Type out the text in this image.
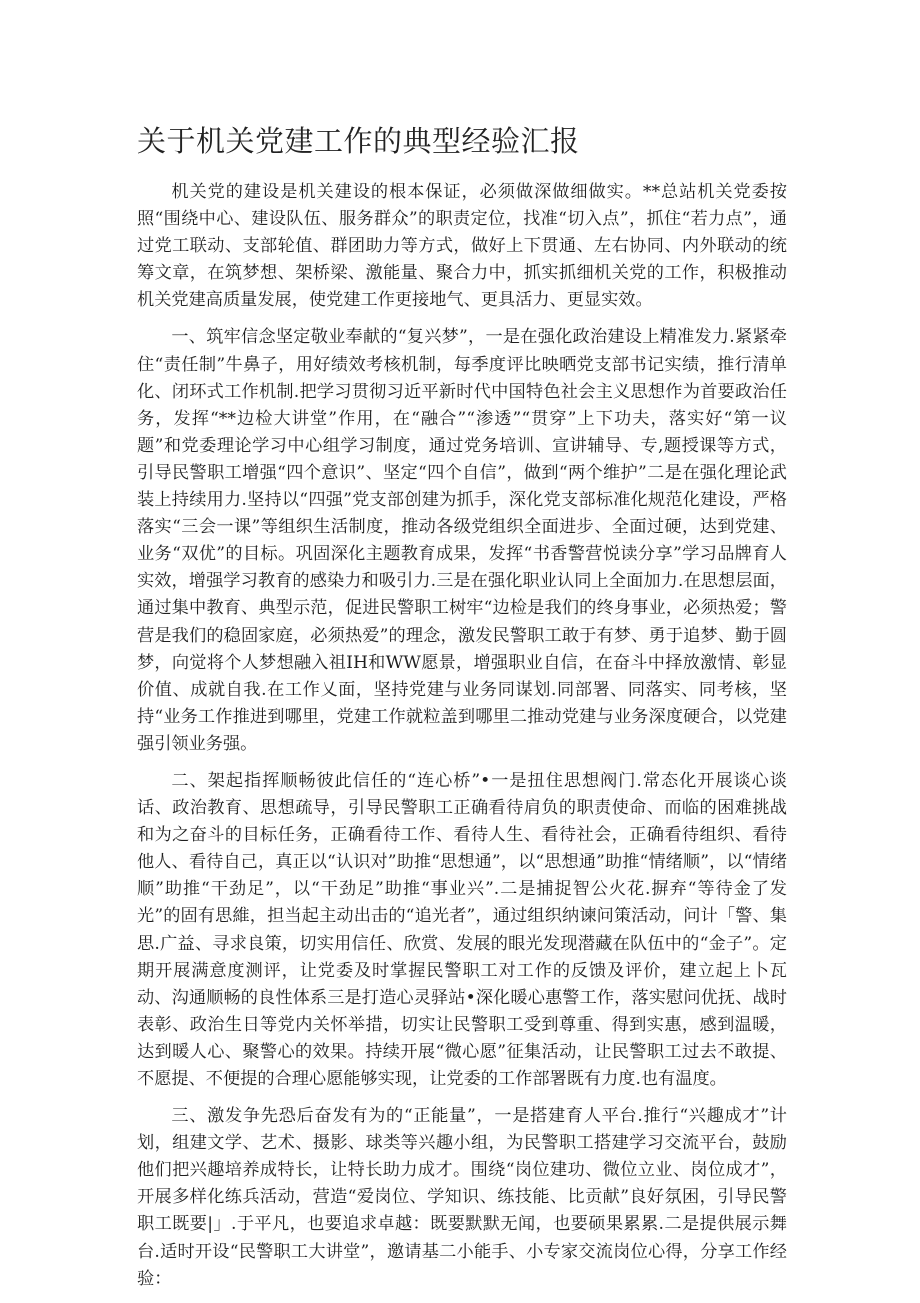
关于机关党建工作的典型经验汇报

机关党的建设是机关建设的根本保证，必须做深做细做实。**总站机关党委按照“围绕中心、建设队伍、服务群众”的职责定位，找准“切入点”，抓住“若力点”，通过党工联动、支部轮值、群团助力等方式，做好上下贯通、左右协同、内外联动的统筹文章，在筑梦想、架桥梁、激能量、聚合力中，抓实抓细机关党的工作，积极推动机关党建高质量发展，使党建工作更接地气、更具活力、更显实效。

一、筑牢信念坚定敬业奉献的“复兴梦”，一是在强化政治建设上精准发力.紧紧牵住“责任制”牛鼻子，用好绩效考核机制，每季度评比映晒党支部书记实绩，推行清单化、闭环式工作机制.把学习贯彻习近平新时代中国特色社会主义思想作为首要政治任务，发挥“**边检大讲堂”作用，在“融合”“渗透”“贯穿”上下功夫，落实好“第一议题”和党委理论学习中心组学习制度，通过党务培训、宣讲辅导、专,题授课等方式，引导民警职工增强“四个意识”、坚定“四个自信”，做到“两个维护”二是在强化理论武装上持续用力.坚持以“四强”党支部创建为抓手，深化党支部标准化规范化建设，严格落实“三会一课”等组织生活制度，推动各级党组织全面进步、全面过硬，达到党建、业务“双优”的目标。巩固深化主题教育成果，发挥“书香警营悦读分享”学习品牌育人实效，增强学习教育的感染力和吸引力.三是在强化职业认同上全面加力.在思想层面，通过集中教育、典型示范，促进民警职工树牢“边检是我们的终身事业，必须热爱；警营是我们的稳固家庭，必须热爱”的理念，激发民警职工敢于有梦、勇于追梦、勤于圆梦，向觉将个人梦想融入祖IH和WW愿景，增强职业自信，在奋斗中择放激情、彰显价值、成就自我.在工作乂面，坚持党建与业务同谋划.同部署、同落实、同考核，坚持“业务工作推进到哪里，党建工作就粒盖到哪里二推动党建与业务深度硬合，以党建强引领业务强。

二、架起指挥顺畅彼此信任的“连心桥”•一是扭住思想阀门.常态化开展谈心谈话、政治教育、思想疏导，引导民警职工正确看待肩负的职责使命、而临的困难挑战和为之奋斗的目标任务，正确看待工作、看待人生、看待社会，正确看待组织、看待他人、看待自己，真正以“认识对”助推“思想通”，以“思想通”助推“情绪顺”，以“情绪顺”助推“干劲足”，以“干劲足”助推“事业兴”.二是捕捉智公火花.摒弃“等待金了发光”的固有思維，担当起主动出击的“追光者”，通过组织纳谏问策活动，问计「警、集思.广益、寻求良策，切实用信任、欣赏、发展的眼光发现潜藏在队伍中的“金子”。定期开展满意度测评，让党委及时掌握民警职工对工作的反馈及评价，建立起上卜瓦动、沟通顺畅的良性体系三是打造心灵驿站•深化暖心惠警工作，落实慰问优抚、战时表彰、政治生日等党内关怀举措，切实让民警职工受到尊重、得到实惠，感到温暖，达到暖人心、聚警心的效果。持续开展“微心愿”征集活动，让民警职工过去不敢提、不愿提、不便提的合理心愿能够实现，让党委的工作部署既有力度.也有温度。

三、激发争先恐后奋发有为的“正能量”，一是搭建育人平台.推行“兴趣成才”计划，组建文学、艺术、摄影、球类等兴趣小组，为民警职工搭建学习交流平台，鼓励他们把兴趣培养成特长，让特长助力成才。围绕“岗位建功、微位立业、岗位成才”，开展多样化练兵活动，营造“爱岗位、学知识、练技能、比贡献”良好氛困，引导民警职工既要|」.于平凡，也要追求卓越：既要默默无闻，也要硕果累累.二是提供展示舞台.适时开设“民警职工大讲堂”，邀请基二小能手、小专家交流岗位心得，分享工作经验：
